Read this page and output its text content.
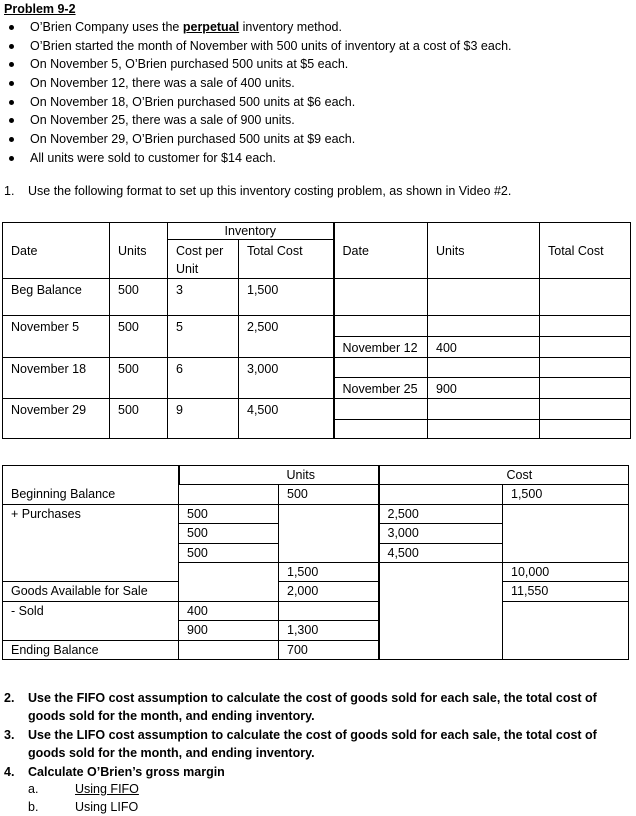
Problem 9-2
O’Brien Company uses the perpetual inventory method.
O’Brien started the month of November with 500 units of inventory at a cost of $3 each.
On November 5, O’Brien purchased 500 units at $5 each.
On November 12, there was a sale of 400 units.
On November 18, O’Brien purchased 500 units at $6 each.
On November 25, there was a sale of 900 units.
On November 29, O’Brien purchased 500 units at $9 each.
All units were sold to customer for $14 each.
1. Use the following format to set up this inventory costing problem, as shown in Video #2.
		Inventory				
Date	Units	Cost per Unit	Total Cost	Date	Units	Total Cost
Beg Balance	500	3	1,500			
November 5	500	5	2,500			
				November 12	400	
November 18	500	6	3,000			
				November 25	900	
November 29	500	9	4,500			

		Units		Cost
Beginning Balance		500		1,500
+ Purchases	500		2,500	
	500		3,000	
	500		4,500	
		1,500		10,000
Goods Available for Sale		2,000		11,550
- Sold	400			
	900	1,300		
Ending Balance		700		
2. Use the FIFO cost assumption to calculate the cost of goods sold for each sale, the total cost of goods sold for the month, and ending inventory.
3. Use the LIFO cost assumption to calculate the cost of goods sold for each sale, the total cost of goods sold for the month, and ending inventory.
4. Calculate O’Brien’s gross margin
a.	Using FIFO
b.	Using LIFO
